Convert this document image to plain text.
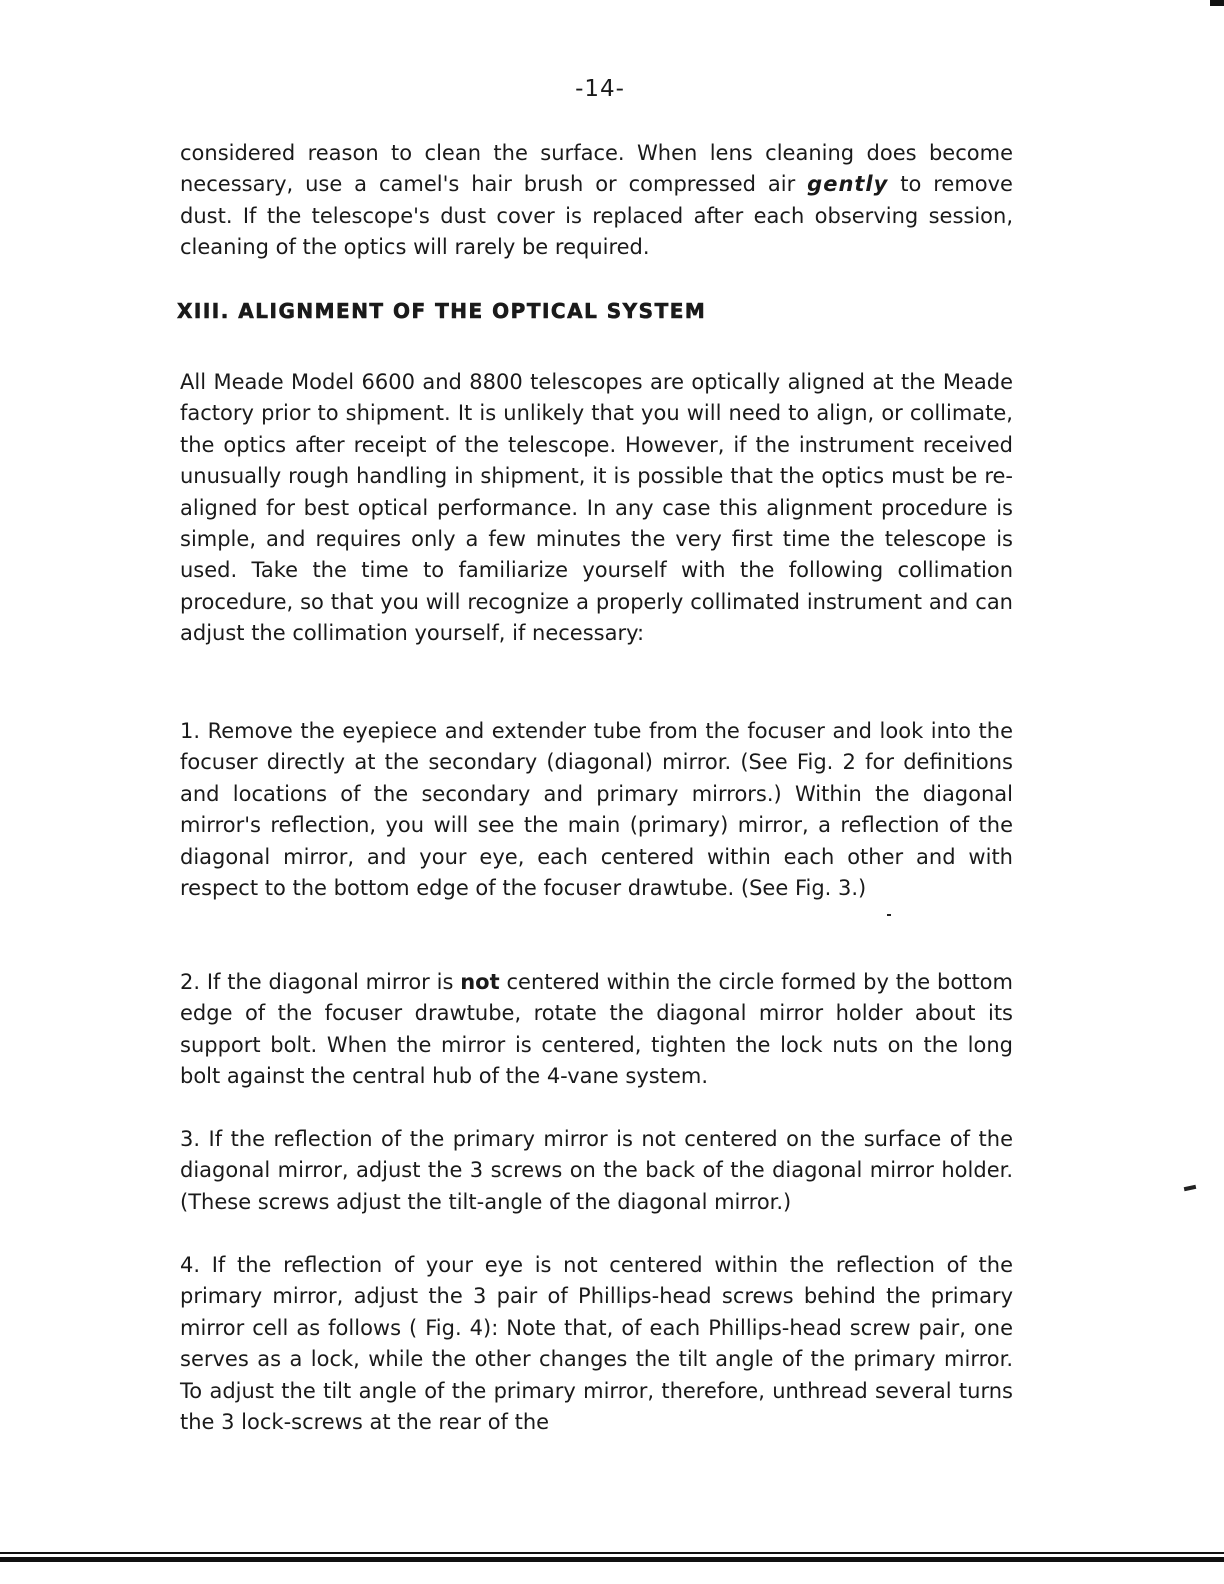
-14-

considered reason to clean the surface. When lens cleaning does become necessary, use a camel's hair brush or compressed air gently to remove dust. If the telescope's dust cover is replaced after each observing session, cleaning of the optics will rarely be required.

XIII. ALIGNMENT OF THE OPTICAL SYSTEM

All Meade Model 6600 and 8800 telescopes are optically aligned at the Meade factory prior to shipment. It is unlikely that you will need to align, or collimate, the optics after receipt of the telescope. However, if the instrument received unusually rough handling in shipment, it is possible that the optics must be re-aligned for best optical performance. In any case this alignment procedure is simple, and requires only a few minutes the very first time the telescope is used. Take the time to familiarize yourself with the following collimation procedure, so that you will recognize a properly collimated instrument and can adjust the collimation yourself, if necessary:

1. Remove the eyepiece and extender tube from the focuser and look into the focuser directly at the secondary (diagonal) mirror. (See Fig. 2 for definitions and locations of the secondary and primary mirrors.) Within the diagonal mirror's reflection, you will see the main (primary) mirror, a reflection of the diagonal mirror, and your eye, each centered within each other and with respect to the bottom edge of the focuser drawtube. (See Fig. 3.)

2. If the diagonal mirror is not centered within the circle formed by the bottom edge of the focuser drawtube, rotate the diagonal mirror holder about its support bolt. When the mirror is centered, tighten the lock nuts on the long bolt against the central hub of the 4-vane system.

3. If the reflection of the primary mirror is not centered on the surface of the diagonal mirror, adjust the 3 screws on the back of the diagonal mirror holder. (These screws adjust the tilt-angle of the diagonal mirror.)

4. If the reflection of your eye is not centered within the reflection of the primary mirror, adjust the 3 pair of Phillips-head screws behind the primary mirror cell as follows ( Fig. 4): Note that, of each Phillips-head screw pair, one serves as a lock, while the other changes the tilt angle of the primary mirror. To adjust the tilt angle of the primary mirror, therefore, unthread several turns the 3 lock-screws at the rear of the
